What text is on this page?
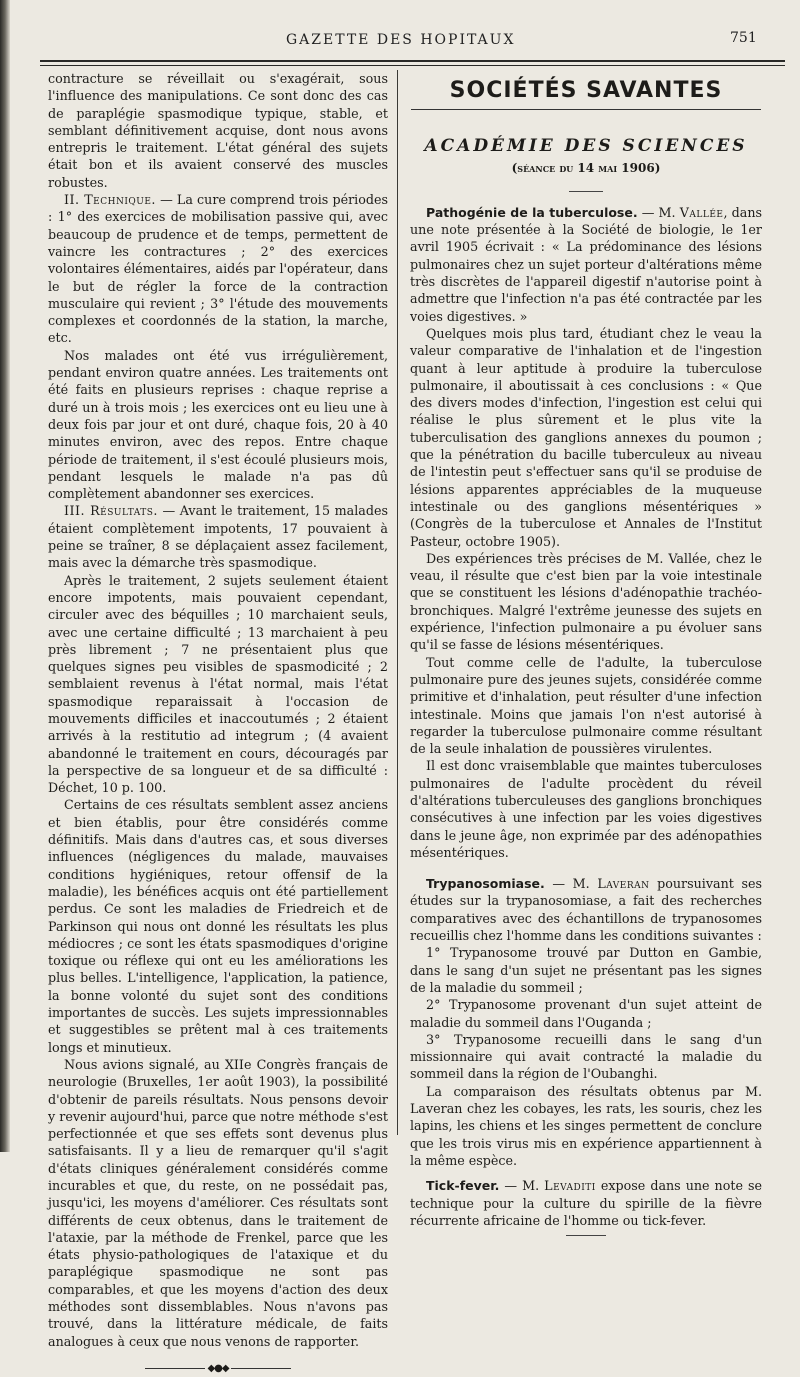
GAZETTE DES HOPITAUX	751

contracture se réveillait ou s'exagérait, sous l'influence des manipulations. Ce sont donc des cas de paraplégie spasmodique typique, stable, et semblant définitivement acquise, dont nous avons entrepris le traitement. L'état général des sujets était bon et ils avaient conservé des muscles robustes.

II. Technique. — La cure comprend trois périodes : 1° des exercices de mobilisation passive qui, avec beaucoup de prudence et de temps, permettent de vaincre les contractures ; 2° des exercices volontaires élémentaires, aidés par l'opérateur, dans le but de régler la force de la contraction musculaire qui revient ; 3° l'étude des mouvements complexes et coordonnés de la station, la marche, etc.

Nos malades ont été vus irrégulièrement, pendant environ quatre années. Les traitements ont été faits en plusieurs reprises : chaque reprise a duré un à trois mois ; les exercices ont eu lieu une à deux fois par jour et ont duré, chaque fois, 20 à 40 minutes environ, avec des repos. Entre chaque période de traitement, il s'est écoulé plusieurs mois, pendant lesquels le malade n'a pas dû complètement abandonner ses exercices.

III. Résultats. — Avant le traitement, 15 malades étaient complètement impotents, 17 pouvaient à peine se traîner, 8 se déplaçaient assez facilement, mais avec la démarche très spasmodique.

Après le traitement, 2 sujets seulement étaient encore impotents, mais pouvaient cependant, circuler avec des béquilles ; 10 marchaient seuls, avec une certaine difficulté ; 13 marchaient à peu près librement ; 7 ne présentaient plus que quelques signes peu visibles de spasmodicité ; 2 semblaient revenus à l'état normal, mais l'état spasmodique reparaissait à l'occasion de mouvements difficiles et inaccoutumés ; 2 étaient arrivés à la restitutio ad integrum ; (4 avaient abandonné le traitement en cours, découragés par la perspective de sa longueur et de sa difficulté : Déchet, 10 p. 100.

Certains de ces résultats semblent assez anciens et bien établis, pour être considérés comme définitifs. Mais dans d'autres cas, et sous diverses influences (négligences du malade, mauvaises conditions hygiéniques, retour offensif de la maladie), les bénéfices acquis ont été partiellement perdus. Ce sont les maladies de Friedreich et de Parkinson qui nous ont donné les résultats les plus médiocres ; ce sont les états spasmodiques d'origine toxique ou réflexe qui ont eu les améliorations les plus belles. L'intelligence, l'application, la patience, la bonne volonté du sujet sont des conditions importantes de succès. Les sujets impressionnables et suggestibles se prêtent mal à ces traitements longs et minutieux.

Nous avions signalé, au XIIe Congrès français de neurologie (Bruxelles, 1er août 1903), la possibilité d'obtenir de pareils résultats. Nous pensons devoir y revenir aujourd'hui, parce que notre méthode s'est perfectionnée et que ses effets sont devenus plus satisfaisants. Il y a lieu de remarquer qu'il s'agit d'états cliniques généralement considérés comme incurables et que, du reste, on ne possédait pas, jusqu'ici, les moyens d'améliorer. Ces résultats sont différents de ceux obtenus, dans le traitement de l'ataxie, par la méthode de Frenkel, parce que les états physio-pathologiques de l'ataxique et du paraplégique spasmodique ne sont pas comparables, et que les moyens d'action des deux méthodes sont dissemblables. Nous n'avons pas trouvé, dans la littérature médicale, de faits analogues à ceux que nous venons de rapporter.

◆●◆
SOCIÉTÉS SAVANTES
ACADÉMIE DES SCIENCES
(séance du 14 mai 1906)

Pathogénie de la tuberculose. — M. Vallée, dans une note présentée à la Société de biologie, le 1er avril 1905 écrivait : « La prédominance des lésions pulmonaires chez un sujet porteur d'altérations même très discrètes de l'appareil digestif n'autorise point à admettre que l'infection n'a pas été contractée par les voies digestives. »

Quelques mois plus tard, étudiant chez le veau la valeur comparative de l'inhalation et de l'ingestion quant à leur aptitude à produire la tuberculose pulmonaire, il aboutissait à ces conclusions : « Que des divers modes d'infection, l'ingestion est celui qui réalise le plus sûrement et le plus vite la tuberculisation des ganglions annexes du poumon ; que la pénétration du bacille tuberculeux au niveau de l'intestin peut s'effectuer sans qu'il se produise de lésions apparentes appréciables de la muqueuse intestinale ou des ganglions mésentériques » (Congrès de la tuberculose et Annales de l'Institut Pasteur, octobre 1905).

Des expériences très précises de M. Vallée, chez le veau, il résulte que c'est bien par la voie intestinale que se constituent les lésions d'adénopathie trachéo-bronchiques. Malgré l'extrême jeunesse des sujets en expérience, l'infection pulmonaire a pu évoluer sans qu'il se fasse de lésions mésentériques.

Tout comme celle de l'adulte, la tuberculose pulmonaire pure des jeunes sujets, considérée comme primitive et d'inhalation, peut résulter d'une infection intestinale. Moins que jamais l'on n'est autorisé à regarder la tuberculose pulmonaire comme résultant de la seule inhalation de poussières virulentes.

Il est donc vraisemblable que maintes tuberculoses pulmonaires de l'adulte procèdent du réveil d'altérations tuberculeuses des ganglions bronchiques consécutives à une infection par les voies digestives dans le jeune âge, non exprimée par des adénopathies mésentériques.

Trypanosomiase. — M. Laveran poursuivant ses études sur la trypanosomiase, a fait des recherches comparatives avec des échantillons de trypanosomes recueillis chez l'homme dans les conditions suivantes :

1° Trypanosome trouvé par Dutton en Gambie, dans le sang d'un sujet ne présentant pas les signes de la maladie du sommeil ;

2° Trypanosome provenant d'un sujet atteint de maladie du sommeil dans l'Ouganda ;

3° Trypanosome recueilli dans le sang d'un missionnaire qui avait contracté la maladie du sommeil dans la région de l'Oubanghi.

La comparaison des résultats obtenus par M. Laveran chez les cobayes, les rats, les souris, chez les lapins, les chiens et les singes permettent de conclure que les trois virus mis en expérience appartiennent à la même espèce.

Tick-fever. — M. Levaditi expose dans une note se technique pour la culture du spirille de la fièvre récurrente africaine de l'homme ou tick-fever.
